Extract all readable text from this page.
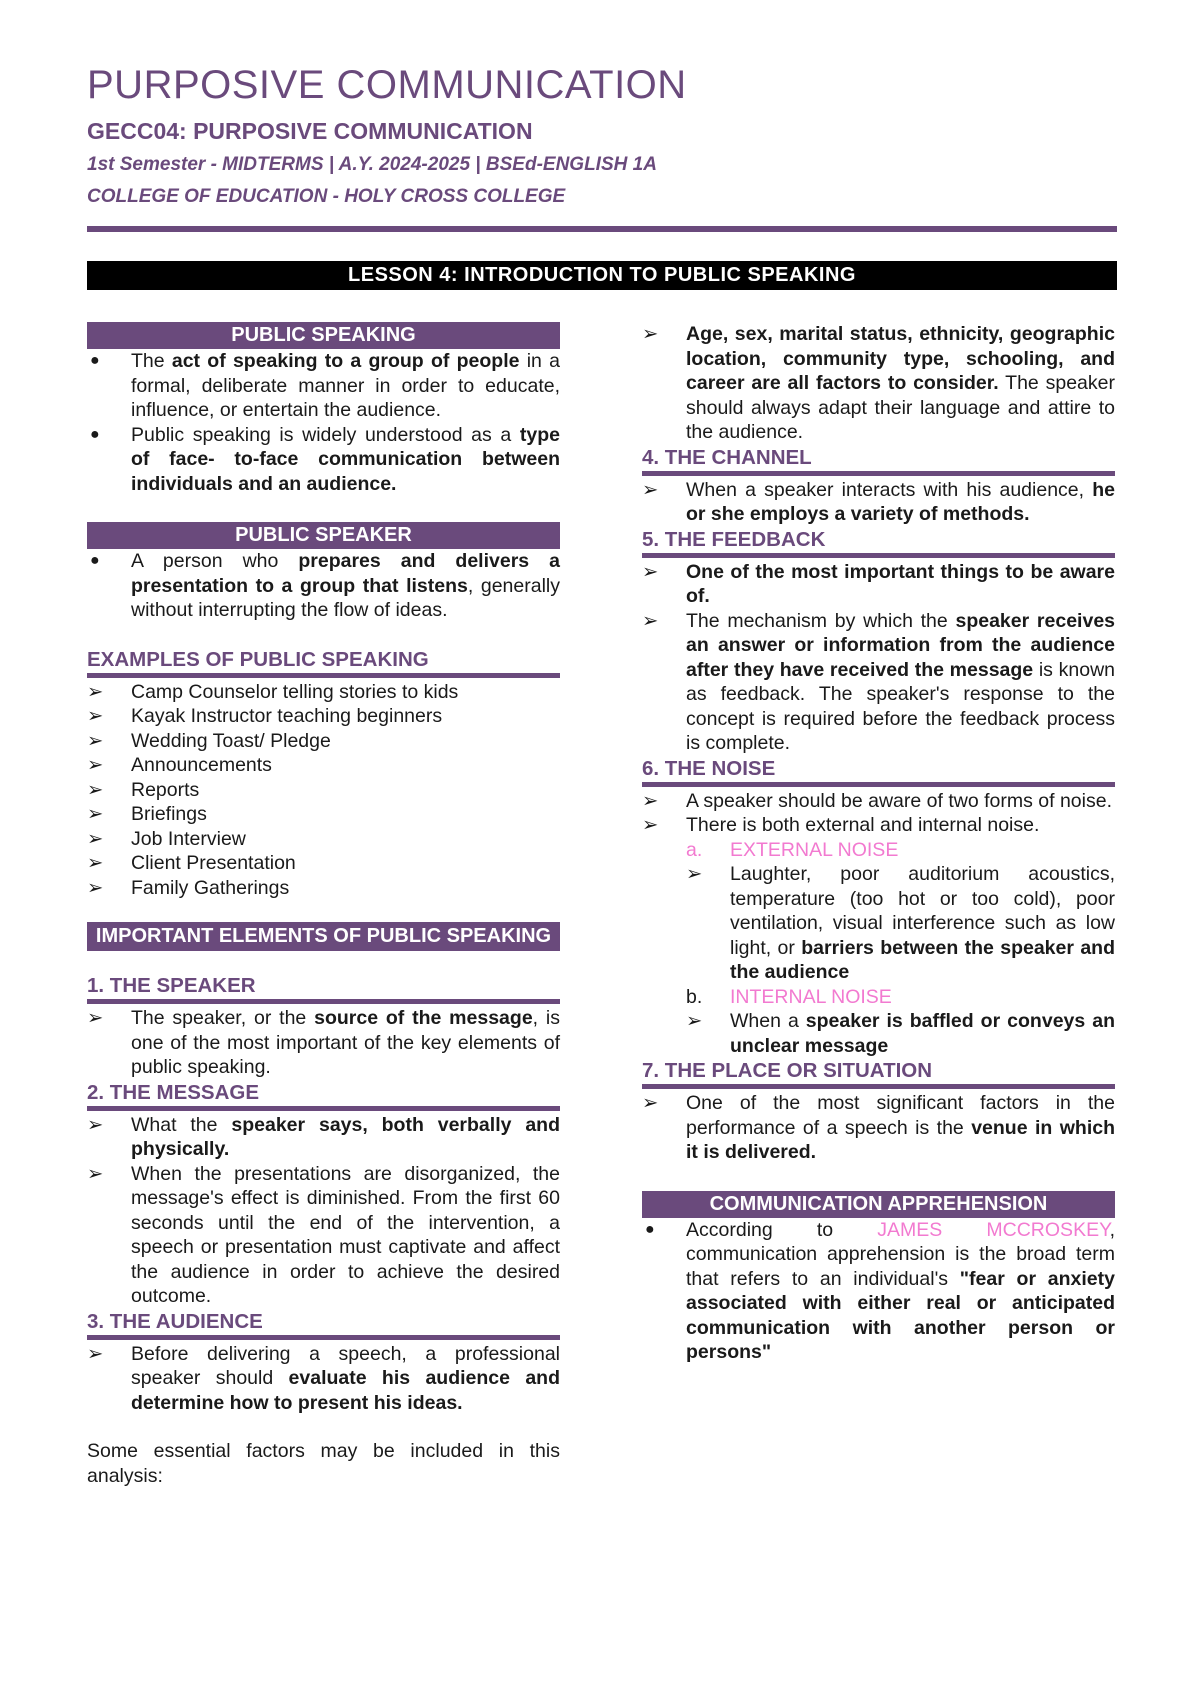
PURPOSIVE COMMUNICATION
GECC04: PURPOSIVE COMMUNICATION
1st Semester - MIDTERMS | A.Y. 2024-2025 | BSEd-ENGLISH 1A
COLLEGE OF EDUCATION - HOLY CROSS COLLEGE
LESSON 4: INTRODUCTION TO PUBLIC SPEAKING
PUBLIC SPEAKING
●	The act of speaking to a group of people in a formal, deliberate manner in order to educate, influence, or entertain the audience.
●	Public speaking is widely understood as a type of face- to-face communication between individuals and an audience.
PUBLIC SPEAKER
●	A person who prepares and delivers a presentation to a group that listens, generally without interrupting the flow of ideas.
EXAMPLES OF PUBLIC SPEAKING
➢	Camp Counselor telling stories to kids
➢	Kayak Instructor teaching beginners
➢	Wedding Toast/ Pledge
➢	Announcements
➢	Reports
➢	Briefings
➢	Job Interview
➢	Client Presentation
➢	Family Gatherings
IMPORTANT ELEMENTS OF PUBLIC SPEAKING
1. THE SPEAKER
➢	The speaker, or the source of the message, is one of the most important of the key elements of public speaking.
2. THE MESSAGE
➢	What the speaker says, both verbally and physically.
➢	When the presentations are disorganized, the message's effect is diminished. From the first 60 seconds until the end of the intervention, a speech or presentation must captivate and affect the audience in order to achieve the desired outcome.
3. THE AUDIENCE
➢	Before delivering a speech, a professional speaker should evaluate his audience and determine how to present his ideas.
Some essential factors may be included in this analysis:
➢	Age, sex, marital status, ethnicity, geographic location, community type, schooling, and career are all factors to consider. The speaker should always adapt their language and attire to the audience.
4. THE CHANNEL
➢	When a speaker interacts with his audience, he or she employs a variety of methods.
5. THE FEEDBACK
➢	One of the most important things to be aware of.
➢	The mechanism by which the speaker receives an answer or information from the audience after they have received the message is known as feedback. The speaker's response to the concept is required before the feedback process is complete.
6. THE NOISE
➢	A speaker should be aware of two forms of noise.
➢	There is both external and internal noise.
a.	EXTERNAL NOISE
➢	Laughter, poor auditorium acoustics, temperature (too hot or too cold), poor ventilation, visual interference such as low light, or barriers between the speaker and the audience
b.	INTERNAL NOISE
➢	When a speaker is baffled or conveys an unclear message
7. THE PLACE OR SITUATION
➢	One of the most significant factors in the performance of a speech is the venue in which it is delivered.
COMMUNICATION APPREHENSION
●	According to JAMES MCCROSKEY, communication apprehension is the broad term that refers to an individual's "fear or anxiety associated with either real or anticipated communication with another person or persons"
